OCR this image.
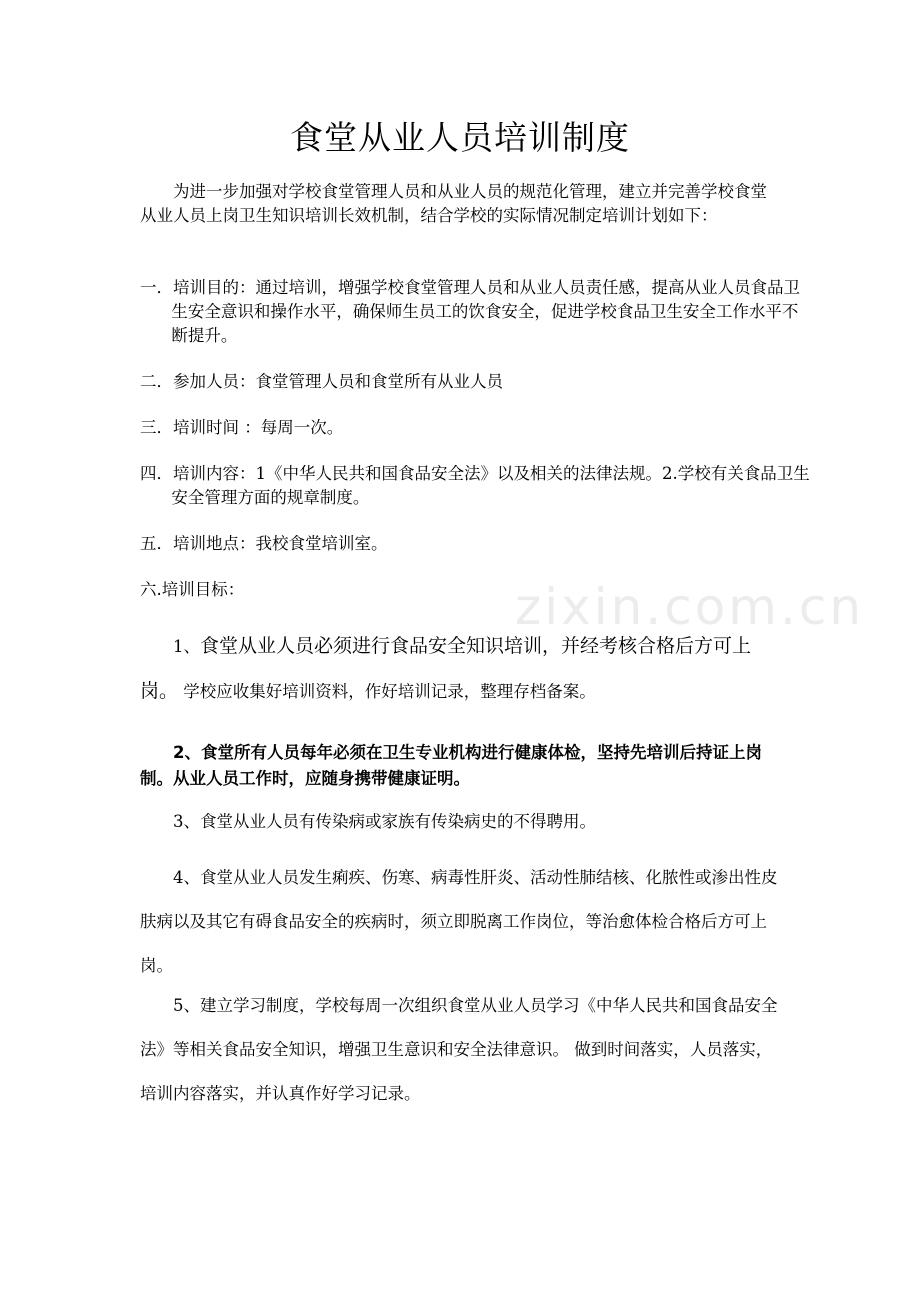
食堂从业人员培训制度
为进一步加强对学校食堂管理人员和从业人员的规范化管理，建立并完善学校食堂从业人员上岗卫生知识培训长效机制，结合学校的实际情况制定培训计划如下：
一．培训目的：通过培训，增强学校食堂管理人员和从业人员责任感，提高从业人员食品卫生安全意识和操作水平，确保师生员工的饮食安全，促进学校食品卫生安全工作水平不断提升。
二．参加人员：食堂管理人员和食堂所有从业人员
三．培训时间 ：每周一次。
四．培训内容：1《中华人民共和国食品安全法》以及相关的法律法规。2.学校有关食品卫生安全管理方面的规章制度。
五．培训地点：我校食堂培训室。
六.培训目标：	zixin.com.cn
1、食堂从业人员必须进行食品安全知识培训，并经考核合格后方可上岗。 学校应收集好培训资料，作好培训记录，整理存档备案。
2、食堂所有人员每年必须在卫生专业机构进行健康体检，坚持先培训后持证上岗制。从业人员工作时，应随身携带健康证明。
3、食堂从业人员有传染病或家族有传染病史的不得聘用。
4、食堂从业人员发生痢疾、伤寒、病毒性肝炎、活动性肺结核、化脓性或渗出性皮肤病以及其它有碍食品安全的疾病时，须立即脱离工作岗位，等治愈体检合格后方可上岗。
5、建立学习制度，学校每周一次组织食堂从业人员学习《中华人民共和国食品安全法》等相关食品安全知识，增强卫生意识和安全法律意识。 做到时间落实，人员落实，培训内容落实，并认真作好学习记录。
